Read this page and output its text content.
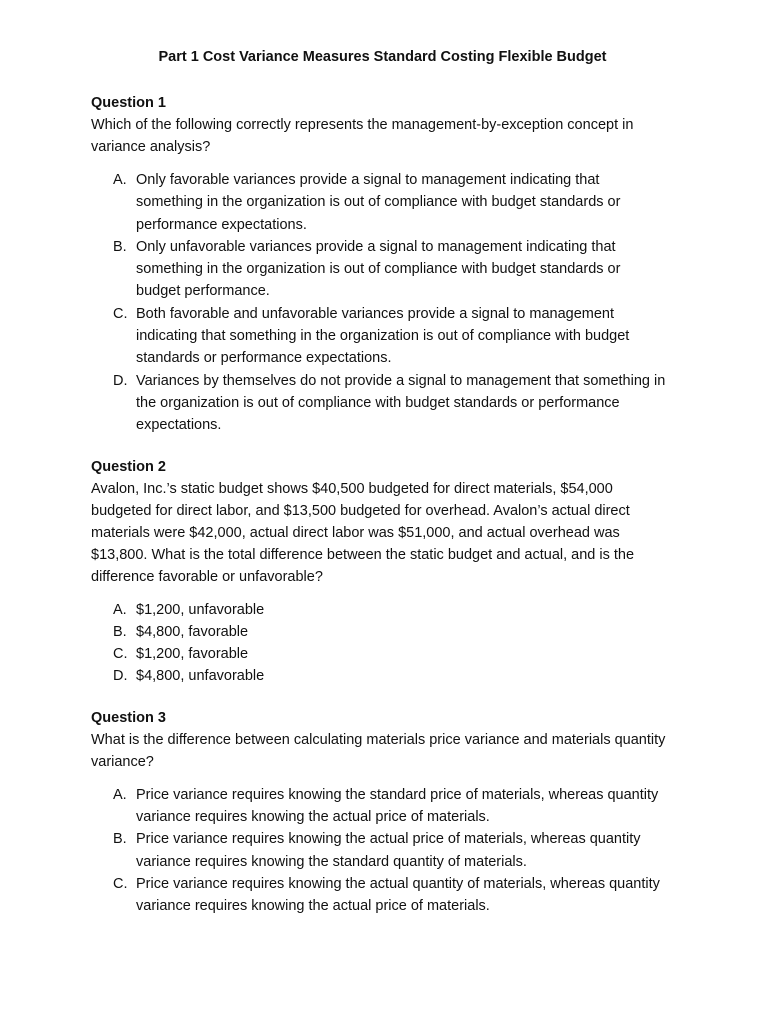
Part 1 Cost Variance Measures Standard Costing Flexible Budget

Question 1

Which of the following correctly represents the management-by-exception concept in variance analysis?

A. Only favorable variances provide a signal to management indicating that something in the organization is out of compliance with budget standards or performance expectations.
B. Only unfavorable variances provide a signal to management indicating that something in the organization is out of compliance with budget standards or budget performance.
C. Both favorable and unfavorable variances provide a signal to management indicating that something in the organization is out of compliance with budget standards or performance expectations.
D. Variances by themselves do not provide a signal to management that something in the organization is out of compliance with budget standards or performance expectations.

Question 2

Avalon, Inc.’s static budget shows $40,500 budgeted for direct materials, $54,000 budgeted for direct labor, and $13,500 budgeted for overhead. Avalon’s actual direct materials were $42,000, actual direct labor was $51,000, and actual overhead was $13,800. What is the total difference between the static budget and actual, and is the difference favorable or unfavorable?

A. $1,200, unfavorable
B. $4,800, favorable
C. $1,200, favorable
D. $4,800, unfavorable

Question 3

What is the difference between calculating materials price variance and materials quantity variance?

A. Price variance requires knowing the standard price of materials, whereas quantity variance requires knowing the actual price of materials.
B. Price variance requires knowing the actual price of materials, whereas quantity variance requires knowing the standard quantity of materials.
C. Price variance requires knowing the actual quantity of materials, whereas quantity variance requires knowing the actual price of materials.
